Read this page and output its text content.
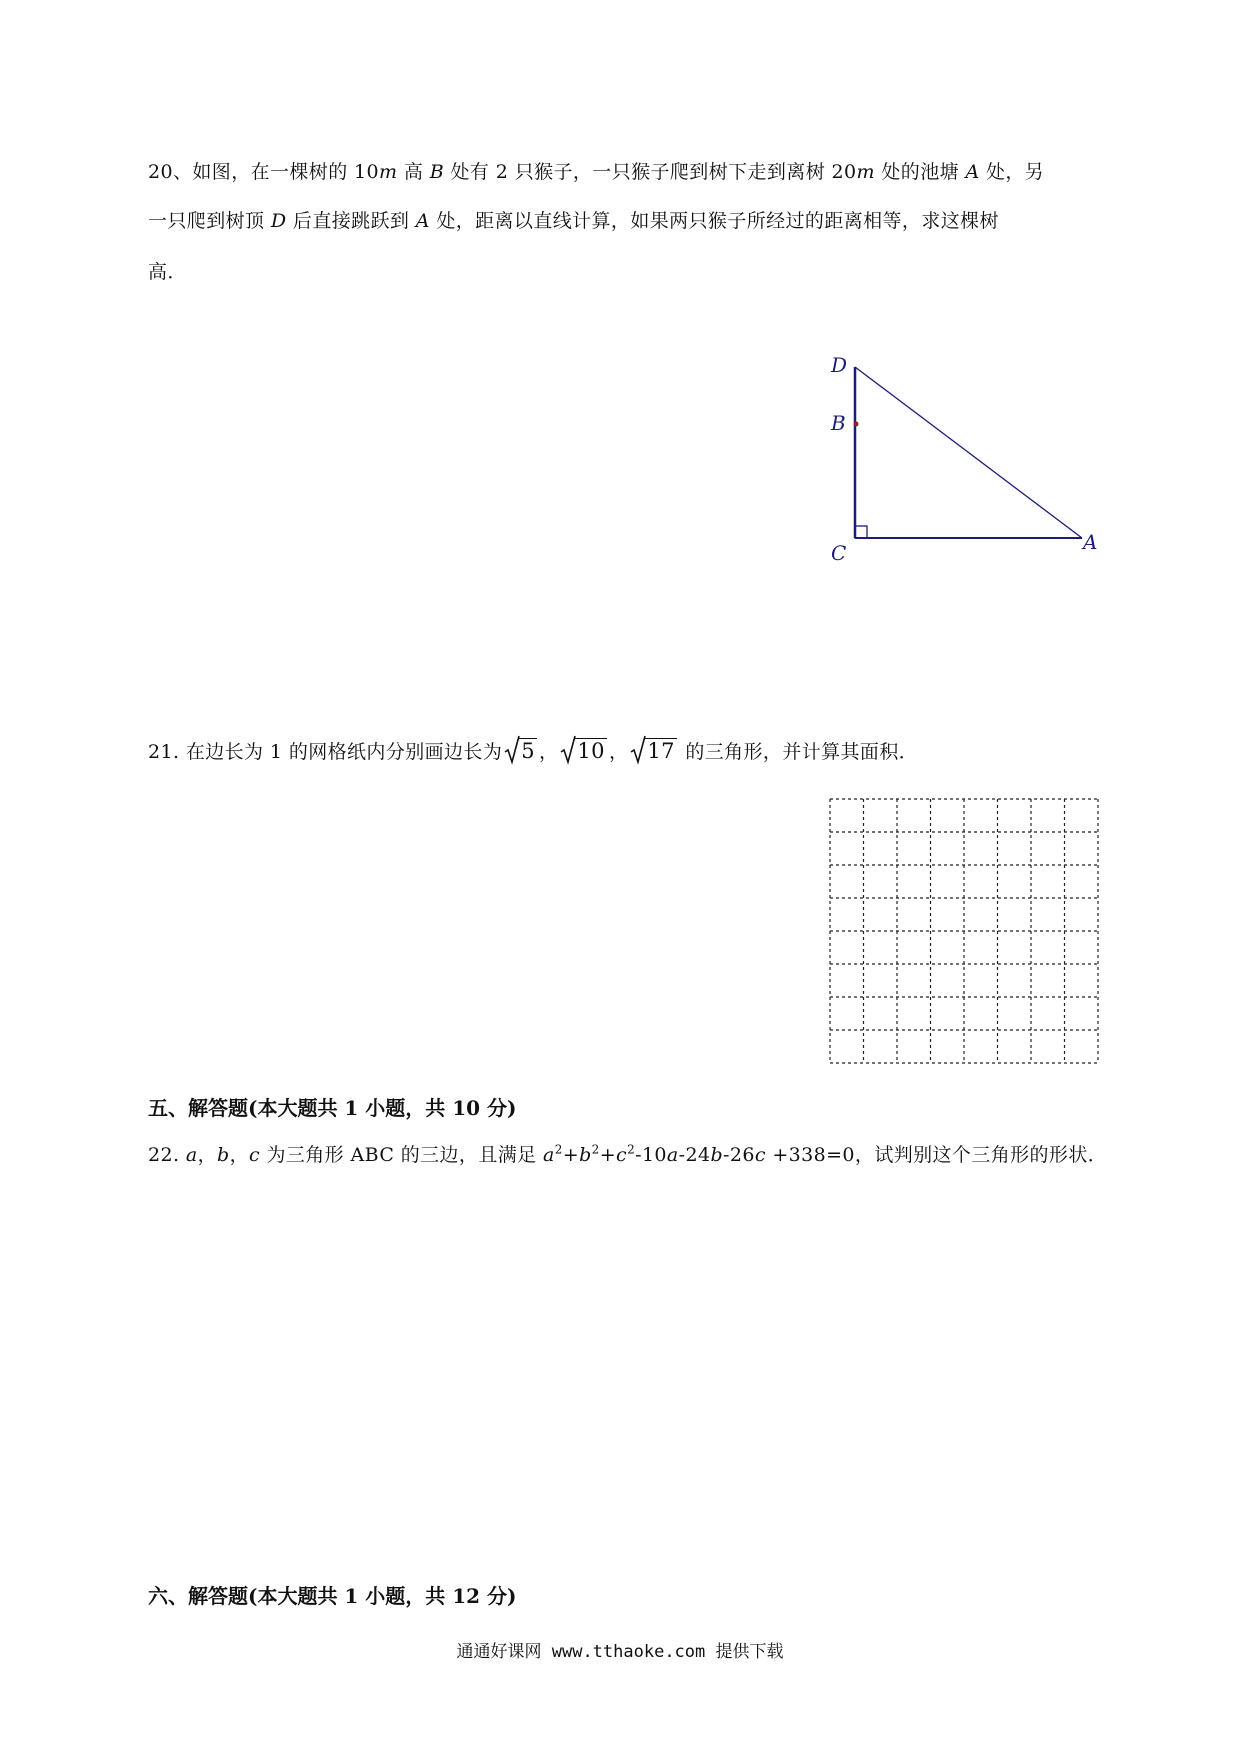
20、如图，在一棵树的 10m 高 B 处有 2 只猴子，一只猴子爬到树下走到离树 20m 处的池塘 A 处，另
一只爬到树顶 D 后直接跳跃到 A 处，距离以直线计算，如果两只猴子所经过的距离相等，求这棵树
高．
D
B
C	A
21. 在边长为 1 的网格纸内分别画边长为 5 ， 10 ， 17 的三角形，并计算其面积．
五、解答题(本大题共 1 小题，共 10 分)
22. a，b，c 为三角形 ABC 的三边，且满足 $a^2+b^2+c^2-10a-24b-26c +338=0$，试判别这个三角形的形状．
六、解答题(本大题共 1 小题，共 12 分)
通通好课网 www.tthaoke.com 提供下载
